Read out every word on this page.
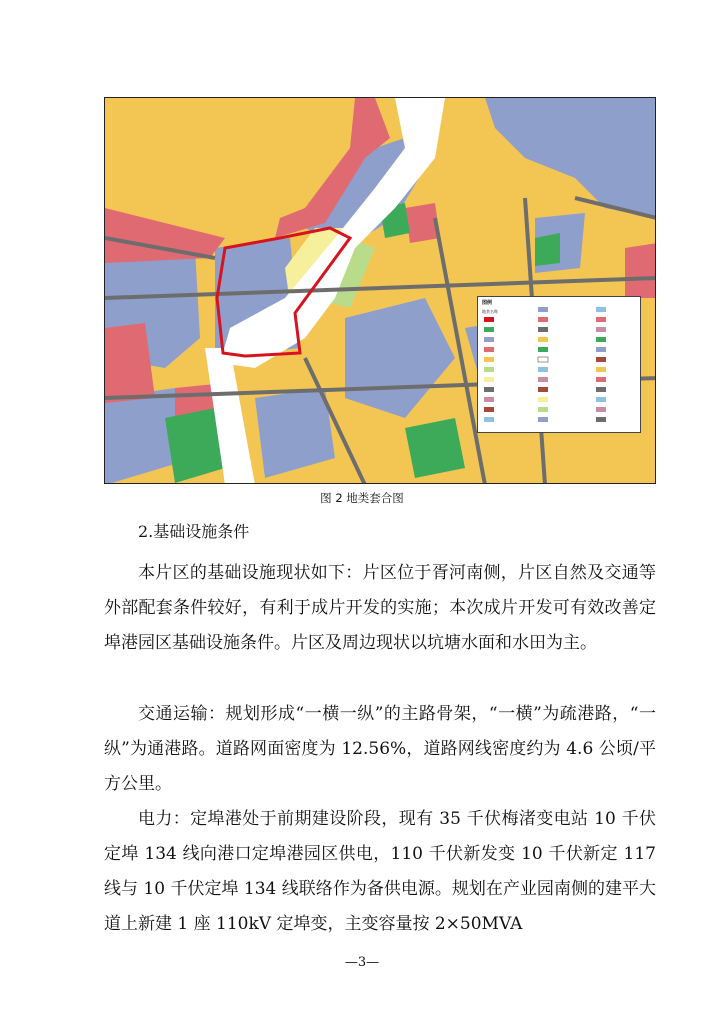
图例
地类名称
图 2 地类套合图
2.基础设施条件

本片区的基础设施现状如下：片区位于胥河南侧，片区自然及交通等外部配套条件较好，有利于成片开发的实施；本次成片开发可有效改善定埠港园区基础设施条件。片区及周边现状以坑塘水面和水田为主。

交通运输：规划形成“一横一纵”的主路骨架，“一横”为疏港路，“一纵”为通港路。道路网面密度为 12.56%，道路网线密度约为 4.6 公顷/平方公里。

电力：定埠港处于前期建设阶段，现有 35 千伏梅渚变电站 10 千伏定埠 134 线向港口定埠港园区供电，110 千伏新发变 10 千伏新定 117 线与 10 千伏定埠 134 线联络作为备供电源。规划在产业园南侧的建平大道上新建 1 座 110kV 定埠变，主变容量按 2×50MVA

—3—
